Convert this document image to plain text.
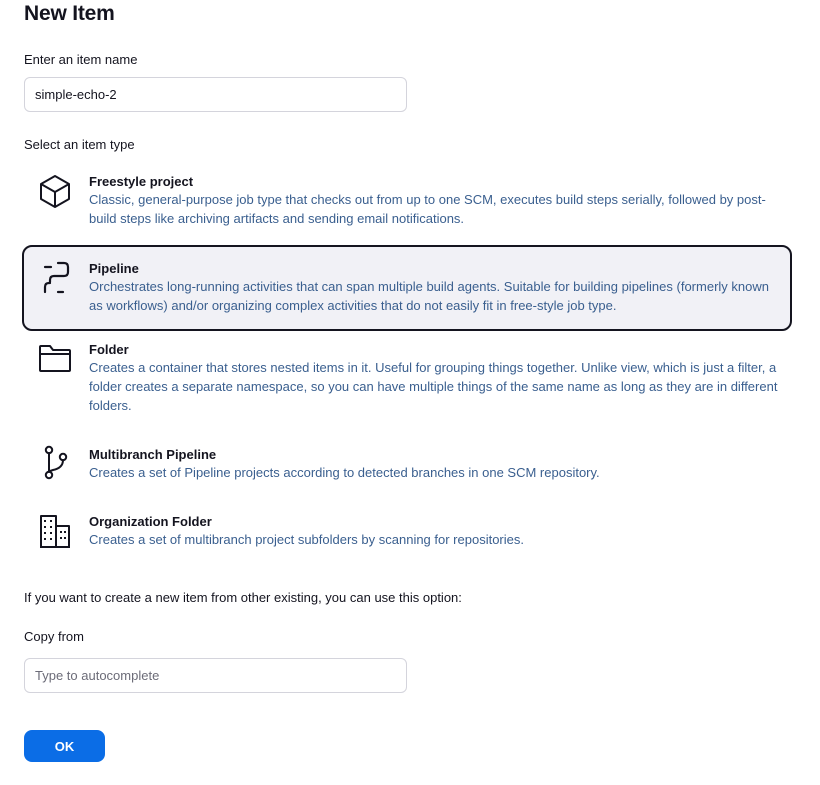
New Item
Enter an item name
simple-echo-2
Select an item type
Freestyle project
Classic, general-purpose job type that checks out from up to one SCM, executes build steps serially, followed by post-build steps like archiving artifacts and sending email notifications.
Pipeline
Orchestrates long-running activities that can span multiple build agents. Suitable for building pipelines (formerly known as workflows) and/or organizing complex activities that do not easily fit in free-style job type.
Folder
Creates a container that stores nested items in it. Useful for grouping things together. Unlike view, which is just a filter, a folder creates a separate namespace, so you can have multiple things of the same name as long as they are in different folders.
Multibranch Pipeline
Creates a set of Pipeline projects according to detected branches in one SCM repository.
Organization Folder
Creates a set of multibranch project subfolders by scanning for repositories.
If you want to create a new item from other existing, you can use this option:
Copy from
Type to autocomplete
OK
